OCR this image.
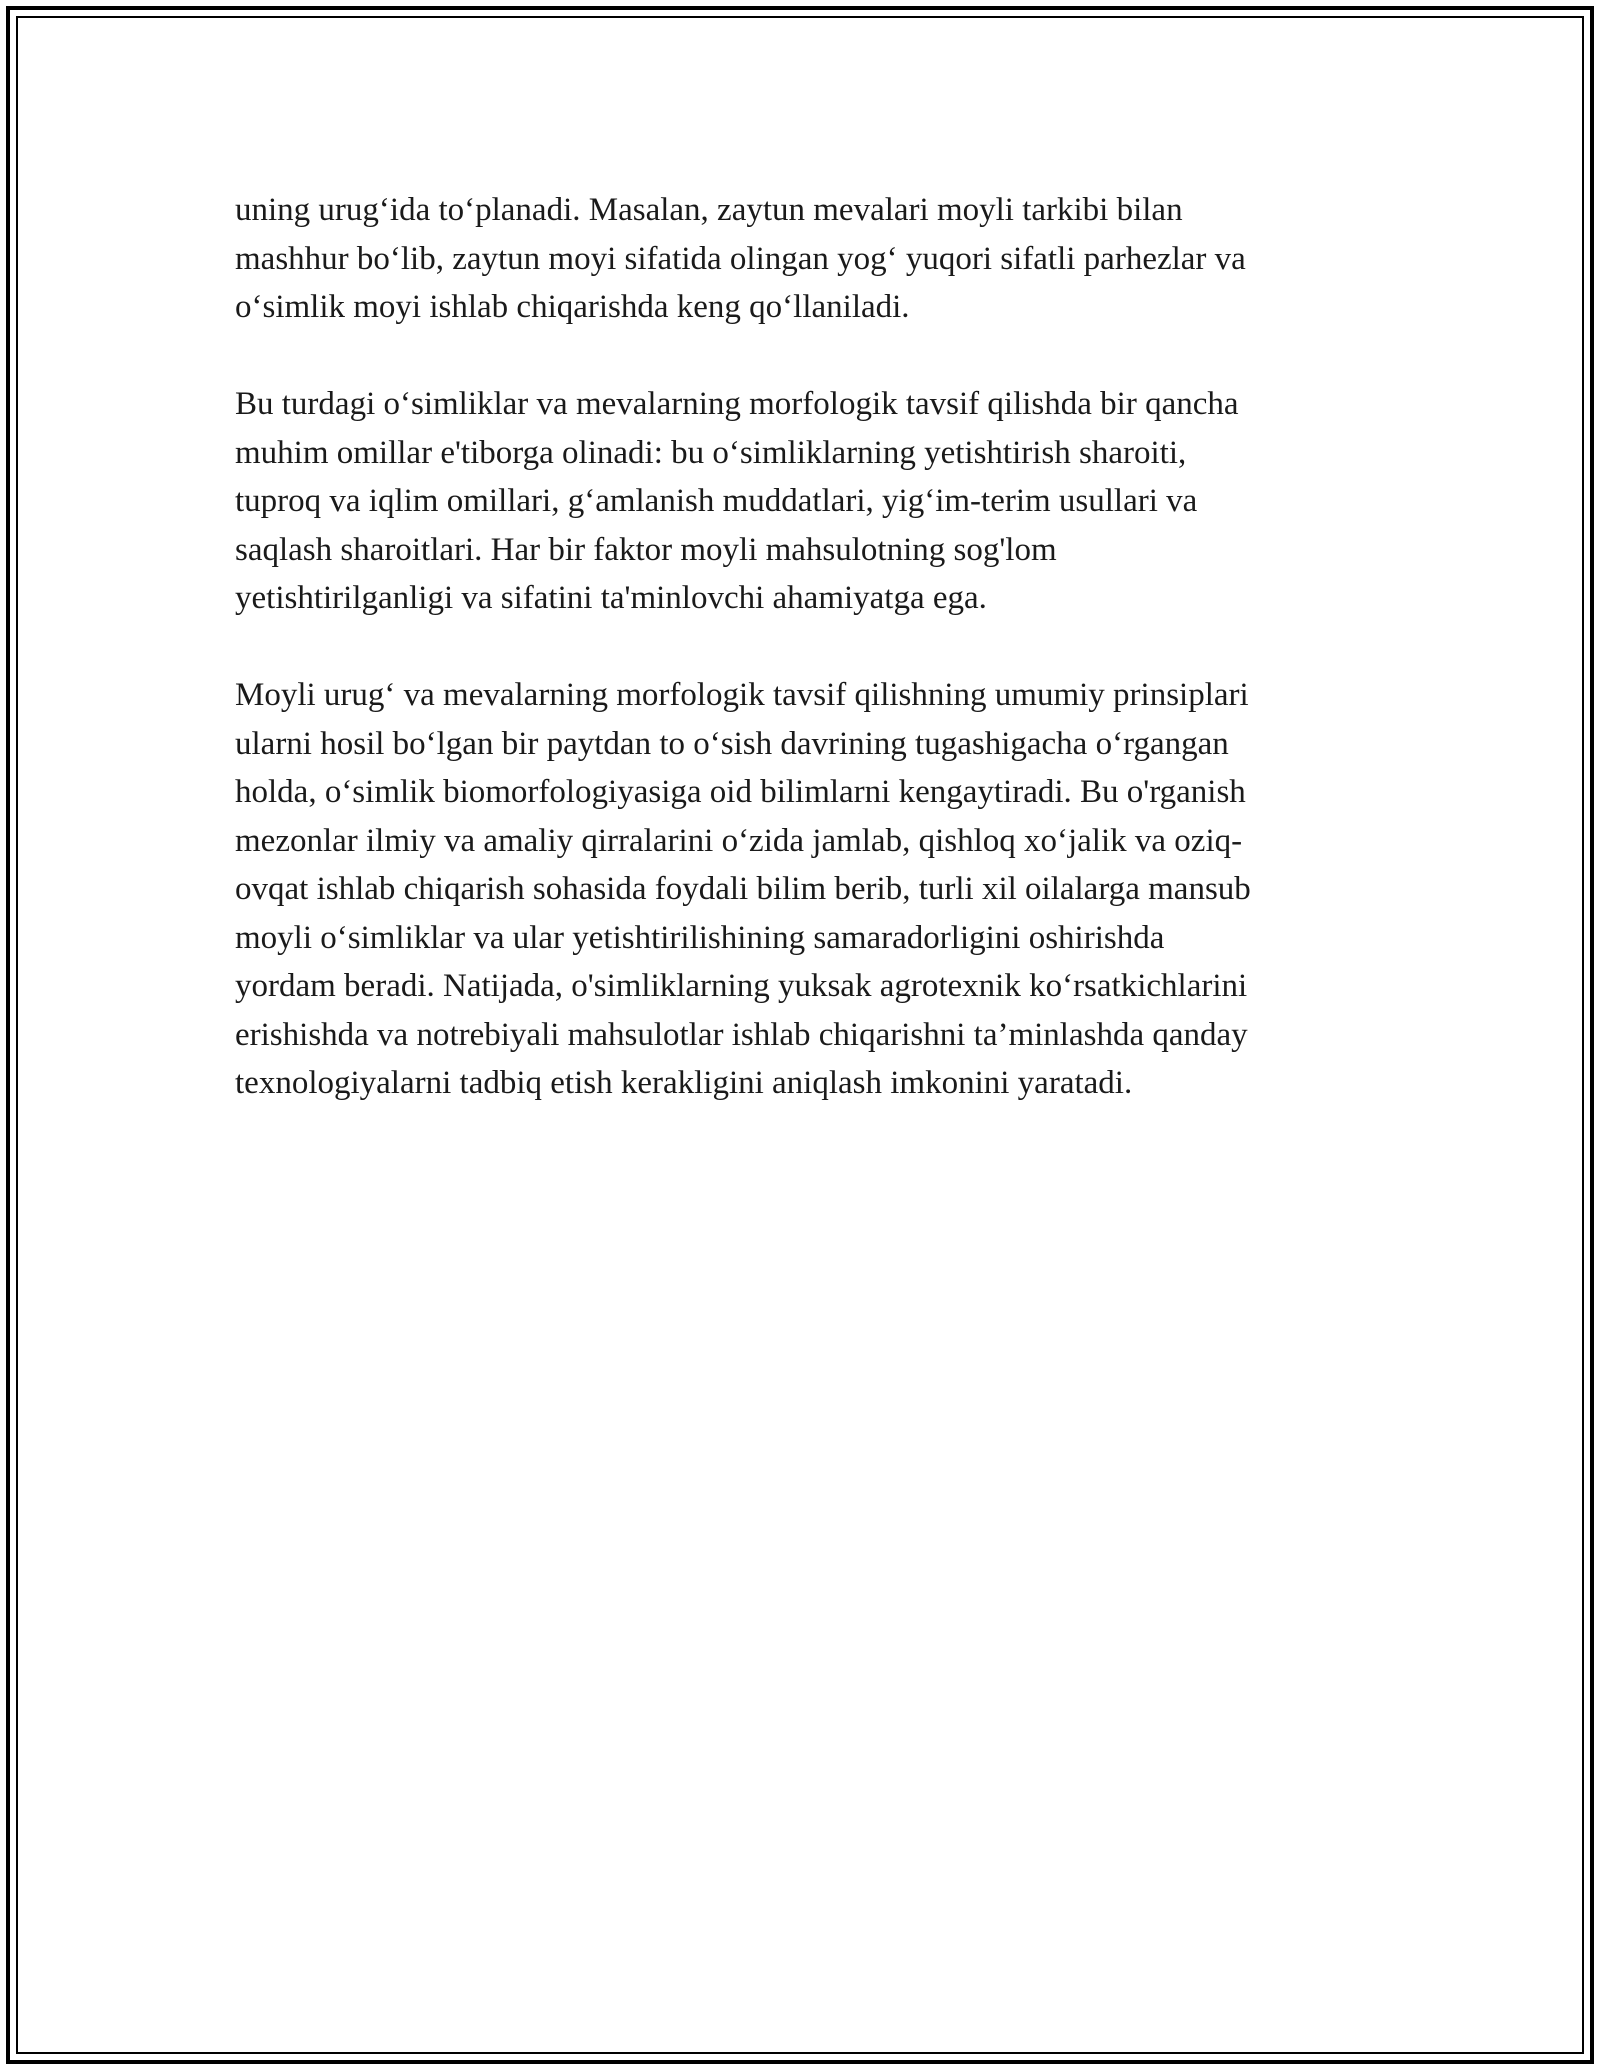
uning urug‘ida to‘planadi. Masalan, zaytun mevalari moyli tarkibi bilan
mashhur bo‘lib, zaytun moyi sifatida olingan yog‘ yuqori sifatli parhezlar va
o‘simlik moyi ishlab chiqarishda keng qo‘llaniladi.

Bu turdagi o‘simliklar va mevalarning morfologik tavsif qilishda bir qancha
muhim omillar e'tiborga olinadi: bu o‘simliklarning yetishtirish sharoiti,
tuproq va iqlim omillari, g‘amlanish muddatlari, yig‘im-terim usullari va
saqlash sharoitlari. Har bir faktor moyli mahsulotning sog'lom
yetishtirilganligi va sifatini ta'minlovchi ahamiyatga ega.

Moyli urug‘ va mevalarning morfologik tavsif qilishning umumiy prinsiplari
ularni hosil bo‘lgan bir paytdan to o‘sish davrining tugashigacha o‘rgangan
holda, o‘simlik biomorfologiyasiga oid bilimlarni kengaytiradi. Bu o'rganish
mezonlar ilmiy va amaliy qirralarini o‘zida jamlab, qishloq xo‘jalik va oziq-
ovqat ishlab chiqarish sohasida foydali bilim berib, turli xil oilalarga mansub
moyli o‘simliklar va ular yetishtirilishining samaradorligini oshirishda
yordam beradi. Natijada, o'simliklarning yuksak agrotexnik ko‘rsatkichlarini
erishishda va notrebiyali mahsulotlar ishlab chiqarishni ta’minlashda qanday
texnologiyalarni tadbiq etish kerakligini aniqlash imkonini yaratadi.
